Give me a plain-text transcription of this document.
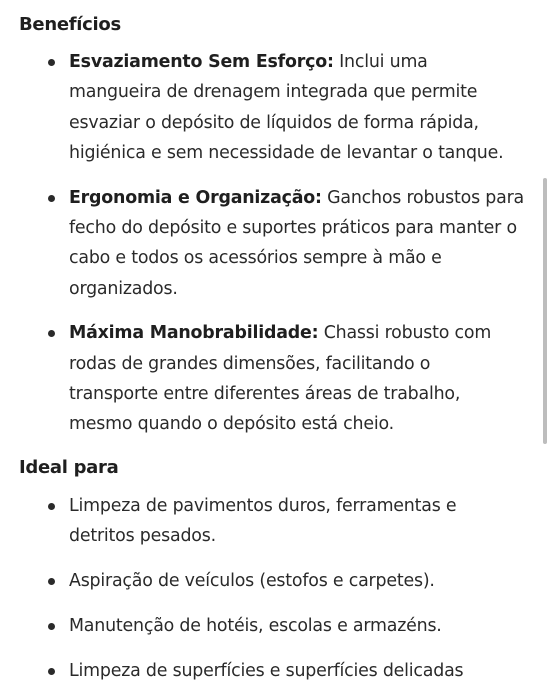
Benefícios
Esvaziamento Sem Esforço: Inclui uma mangueira de drenagem integrada que permite esvaziar o depósito de líquidos de forma rápida, higiénica e sem necessidade de levantar o tanque.
Ergonomia e Organização: Ganchos robustos para fecho do depósito e suportes práticos para manter o cabo e todos os acessórios sempre à mão e organizados.
Máxima Manobrabilidade: Chassi robusto com rodas de grandes dimensões, facilitando o transporte entre diferentes áreas de trabalho, mesmo quando o depósito está cheio.
Ideal para
Limpeza de pavimentos duros, ferramentas e detritos pesados.
Aspiração de veículos (estofos e carpetes).
Manutenção de hotéis, escolas e armazéns.
Limpeza de superfícies e superfícies delicadas
